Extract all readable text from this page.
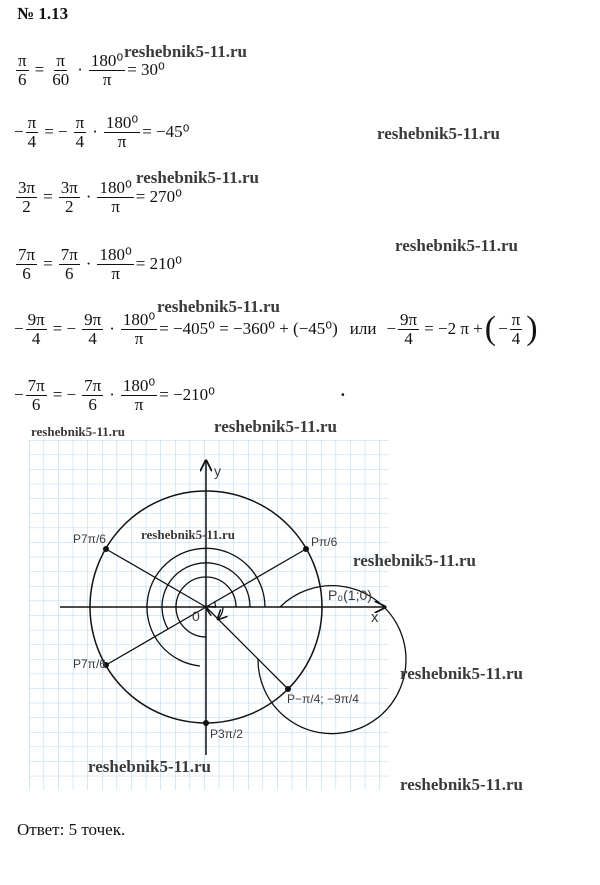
№ 1.13
$\frac{\pi}{6} = \frac{\pi}{60} \cdot \frac{\text{180⁰}}{\pi} = 30^0$
− $\frac{\pi}{4}$ = − $\frac{\pi}{4} \cdot \frac{\text{180⁰}}{\pi} = -45^0$
$\frac{3\pi}{2} = \frac{3\pi}{2} \cdot \frac{\text{180⁰}}{\pi} = 270^0$
$\frac{7\pi}{6} = \frac{7\pi}{6} \cdot \frac{\text{180⁰}}{\pi} = 210^0$
− $\frac{9\pi}{4}$ = − $\frac{9\pi}{4} \cdot \frac{\text{180⁰}}{\pi} = -405^0 = -360^0 + (-45^0)$ или − $\frac{9\pi}{4} = -2$ π + ( − $\frac{\pi}{4}$ )
− $\frac{7\pi}{6}$ = − $\frac{7\pi}{6} \cdot \frac{\text{180⁰}}{\pi} = -210^0$	·
y
x
0
P₀(1;0)
Pπ/6
P7π/6
P7π/6
P−π/4; −9π/4
P3π/2
reshebnik5-11.ru
reshebnik5-11.ru
reshebnik5-11.ru
reshebnik5-11.ru
reshebnik5-11.ru
reshebnik5-11.ru
reshebnik5-11.ru
reshebnik5-11.ru
reshebnik5-11.ru
reshebnik5-11.ru
reshebnik5-11.ru
reshebnik5-11.ru
Ответ: 5 точек.
